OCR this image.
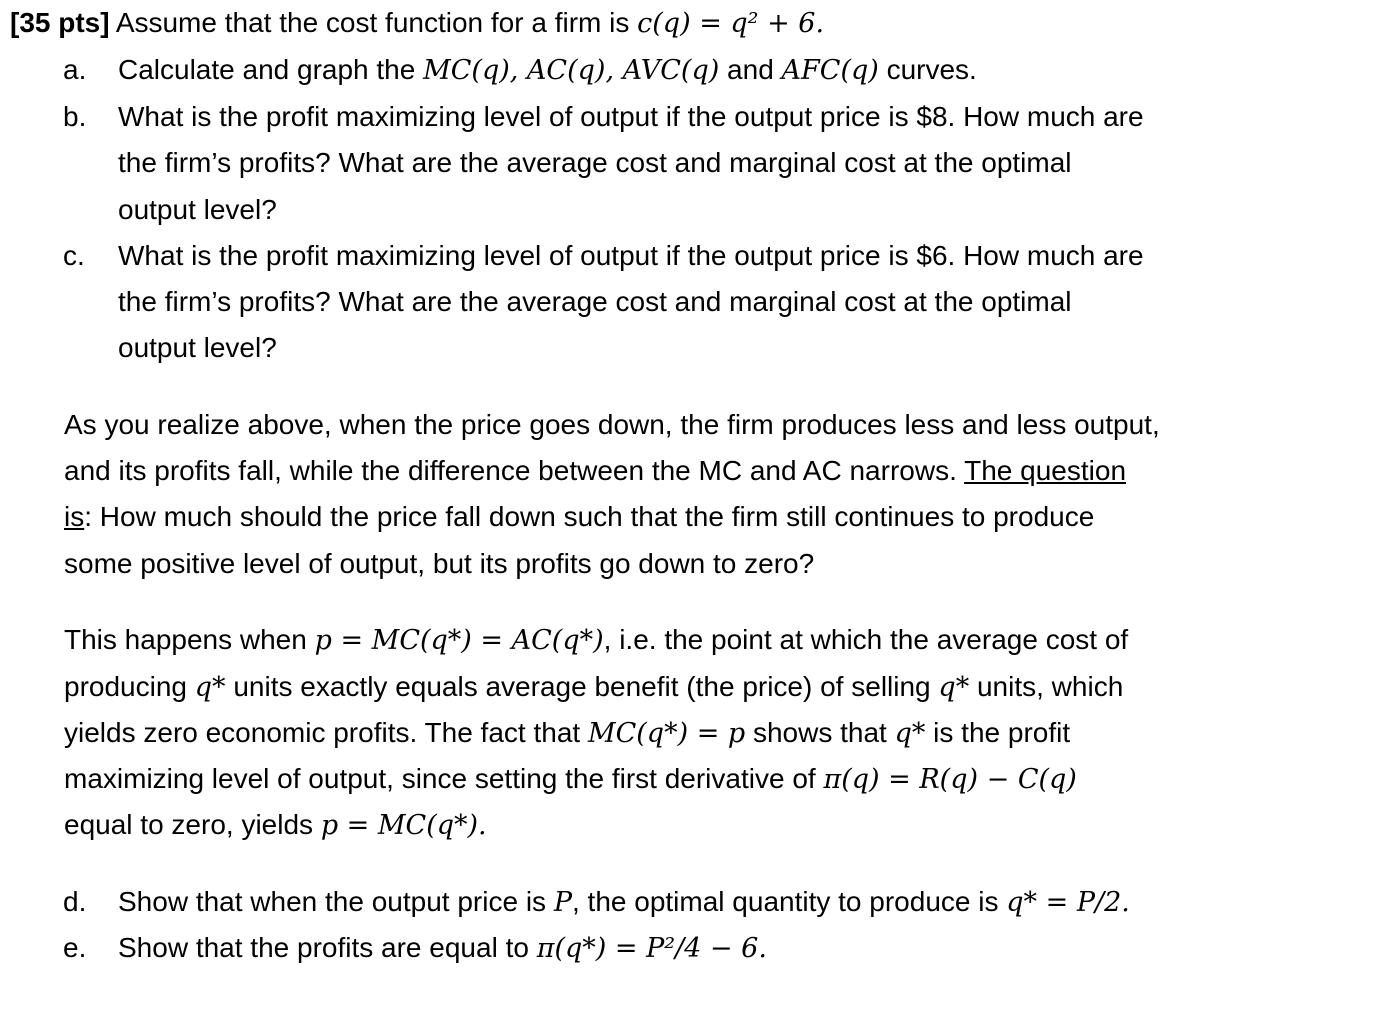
[35 pts] Assume that the cost function for a firm is c(q) = q² + 6.
a. Calculate and graph the MC(q), AC(q), AVC(q) and AFC(q) curves.
b. What is the profit maximizing level of output if the output price is $8. How much are
the firm’s profits? What are the average cost and marginal cost at the optimal
output level?
c. What is the profit maximizing level of output if the output price is $6. How much are
the firm’s profits? What are the average cost and marginal cost at the optimal
output level?
As you realize above, when the price goes down, the firm produces less and less output,
and its profits fall, while the difference between the MC and AC narrows. The question
is: How much should the price fall down such that the firm still continues to produce
some positive level of output, but its profits go down to zero?
This happens when p = MC(q*) = AC(q*), i.e. the point at which the average cost of
producing q* units exactly equals average benefit (the price) of selling q* units, which
yields zero economic profits. The fact that MC(q*) = p shows that q* is the profit
maximizing level of output, since setting the first derivative of π(q) = R(q) − C(q)
equal to zero, yields p = MC(q*).
d. Show that when the output price is P, the optimal quantity to produce is q* = P/2.
e. Show that the profits are equal to π(q*) = P²/4 − 6.
